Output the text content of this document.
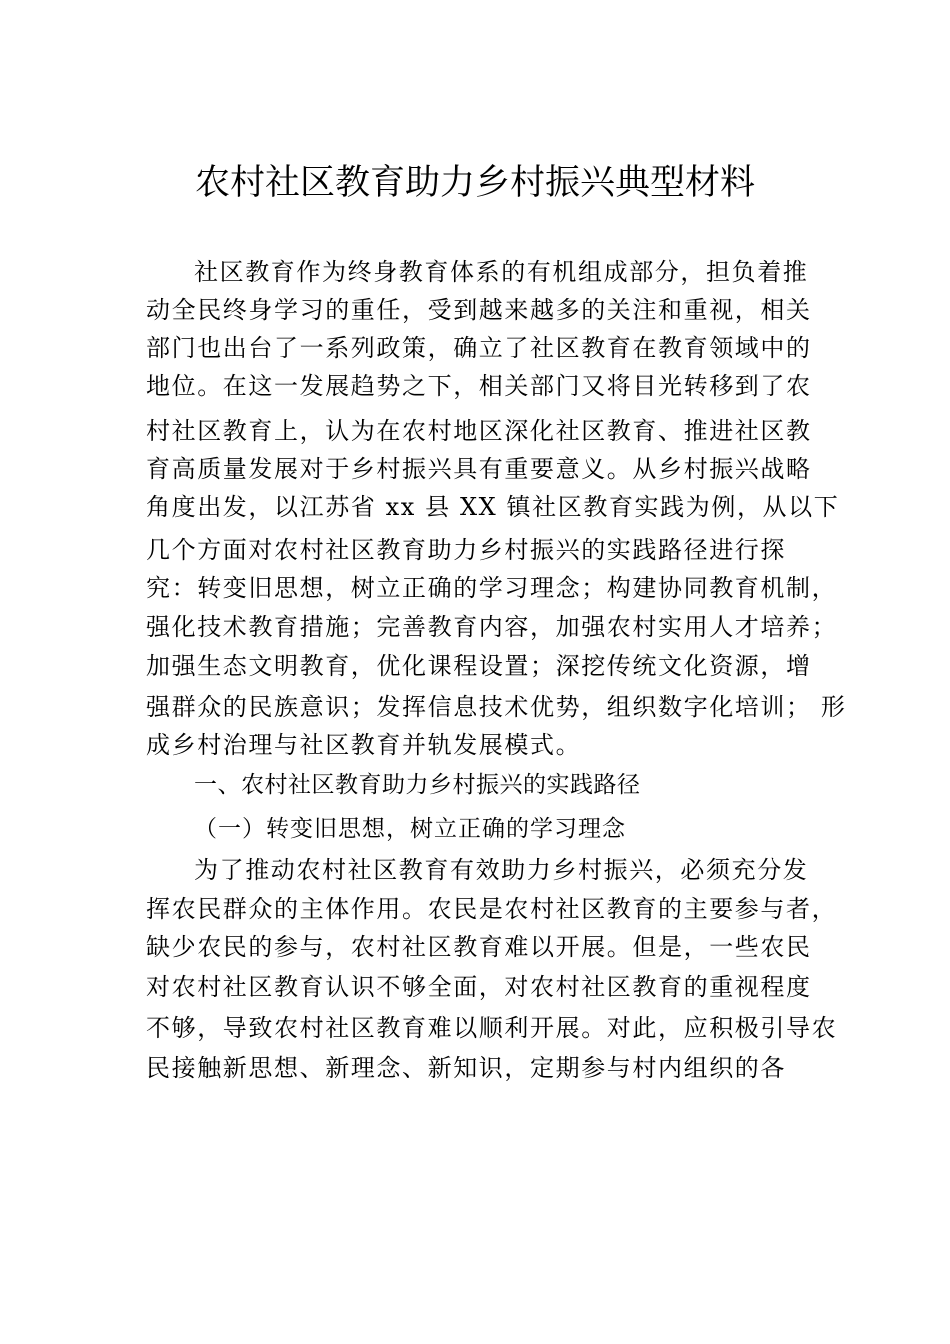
农村社区教育助力乡村振兴典型材料
社区教育作为终身教育体系的有机组成部分，担负着推
动全民终身学习的重任，受到越来越多的关注和重视，相关
部门也出台了一系列政策，确立了社区教育在教育领域中的
地位。在这一发展趋势之下，相关部门又将目光转移到了农
村社区教育上，认为在农村地区深化社区教育、推进社区教
育高质量发展对于乡村振兴具有重要意义。从乡村振兴战略
角度出发，以江苏省 xx 县 XX 镇社区教育实践为例，从以下
几个方面对农村社区教育助力乡村振兴的实践路径进行探
究：转变旧思想，树立正确的学习理念；构建协同教育机制，
强化技术教育措施；完善教育内容，加强农村实用人才培养；
加强生态文明教育，优化课程设置；深挖传统文化资源，增
强群众的民族意识；发挥信息技术优势，组织数字化培训； 形
成乡村治理与社区教育并轨发展模式。
一、农村社区教育助力乡村振兴的实践路径
（一）转变旧思想，树立正确的学习理念
为了推动农村社区教育有效助力乡村振兴，必须充分发
挥农民群众的主体作用。农民是农村社区教育的主要参与者，
缺少农民的参与，农村社区教育难以开展。但是，一些农民
对农村社区教育认识不够全面，对农村社区教育的重视程度
不够，导致农村社区教育难以顺利开展。对此，应积极引导农
民接触新思想、新理念、新知识，定期参与村内组织的各
